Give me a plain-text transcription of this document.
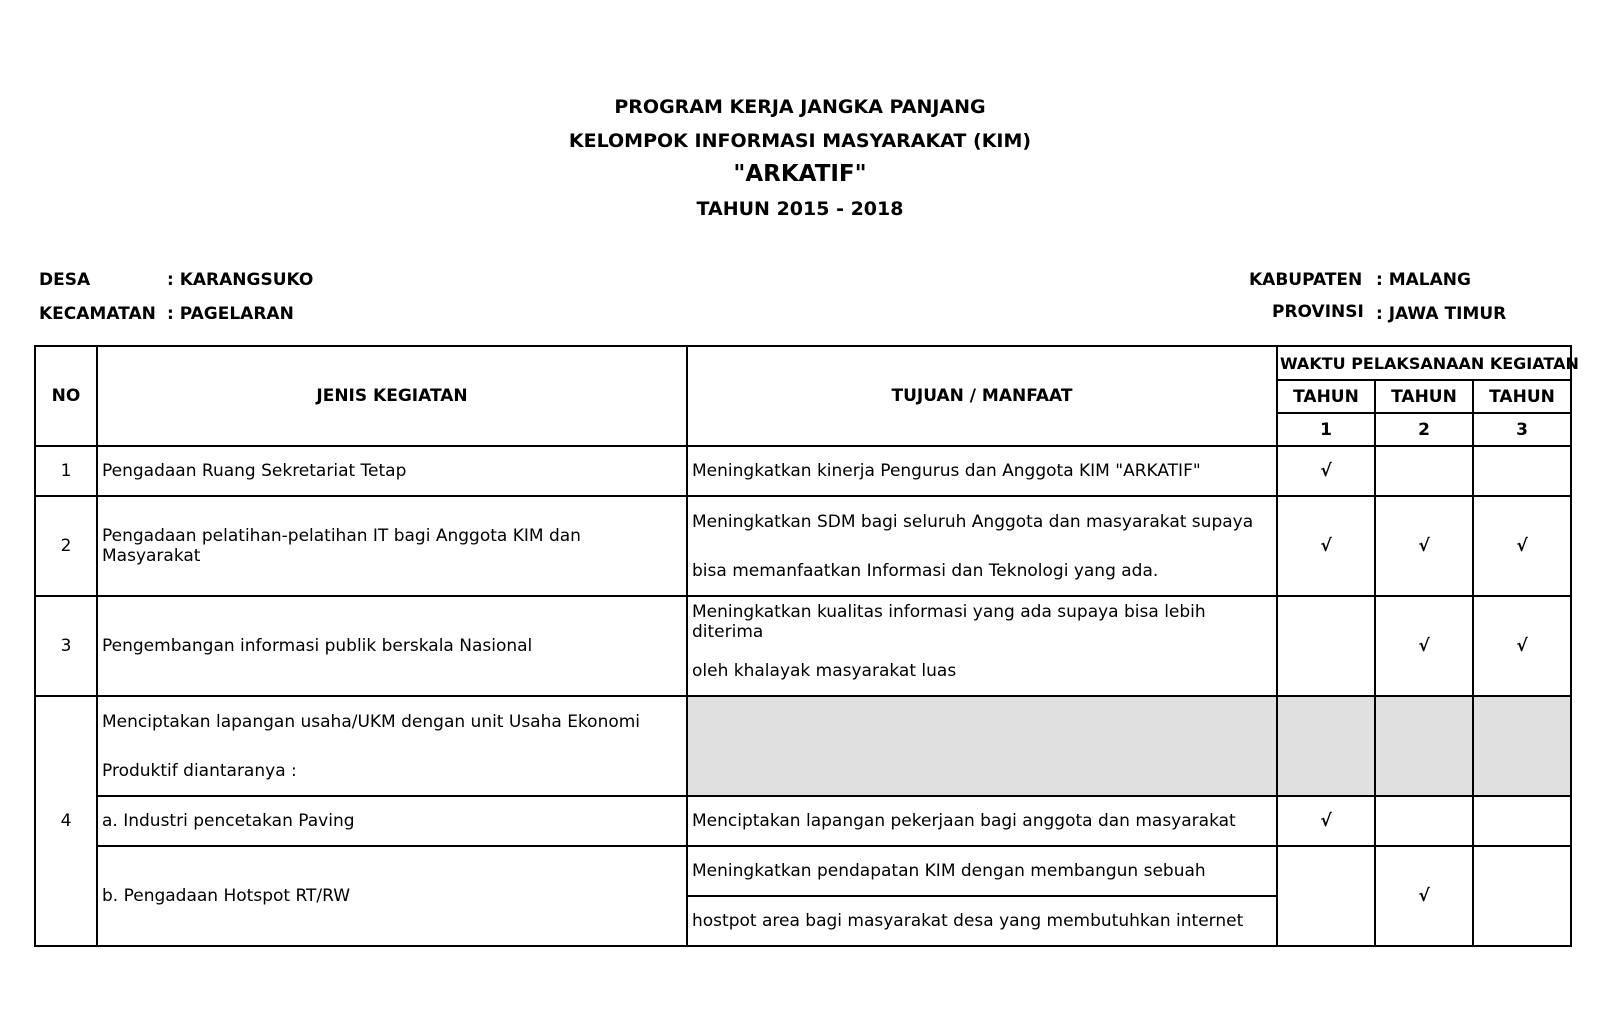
PROGRAM KERJA JANGKA PANJANG
KELOMPOK INFORMASI MASYARAKAT (KIM)
"ARKATIF"
TAHUN 2015 - 2018
DESA	: KARANGSUKO
KECAMATAN : PAGELARAN
KABUPATEN : MALANG
PROVINSI : JAWA TIMUR
NO	JENIS KEGIATAN	TUJUAN / MANFAAT	WAKTU PELAKSANAAN KEGIATAN		
			TAHUN	TAHUN	TAHUN
			1	2	3
1	Pengadaan Ruang Sekretariat Tetap	Meningkatkan kinerja Pengurus dan Anggota KIM "ARKATIF"	√		
2	Pengadaan pelatihan-pelatihan IT bagi Anggota KIM dan Masyarakat	Meningkatkan SDM bagi seluruh Anggota dan masyarakat supaya	√	√	√
		bisa memanfaatkan Informasi dan Teknologi yang ada.			
3	Pengembangan informasi publik berskala Nasional	Meningkatkan kualitas informasi yang ada supaya bisa lebih diterima		√	√
		oleh khalayak masyarakat luas			
4	Menciptakan lapangan usaha/UKM dengan unit Usaha Ekonomi				
	Produktif diantaranya :				
	a. Industri pencetakan Paving	Menciptakan lapangan pekerjaan bagi anggota dan masyarakat	√		
	b. Pengadaan Hotspot RT/RW	Meningkatkan pendapatan KIM dengan membangun sebuah		√	
		hostpot area bagi masyarakat desa yang membutuhkan internet			
